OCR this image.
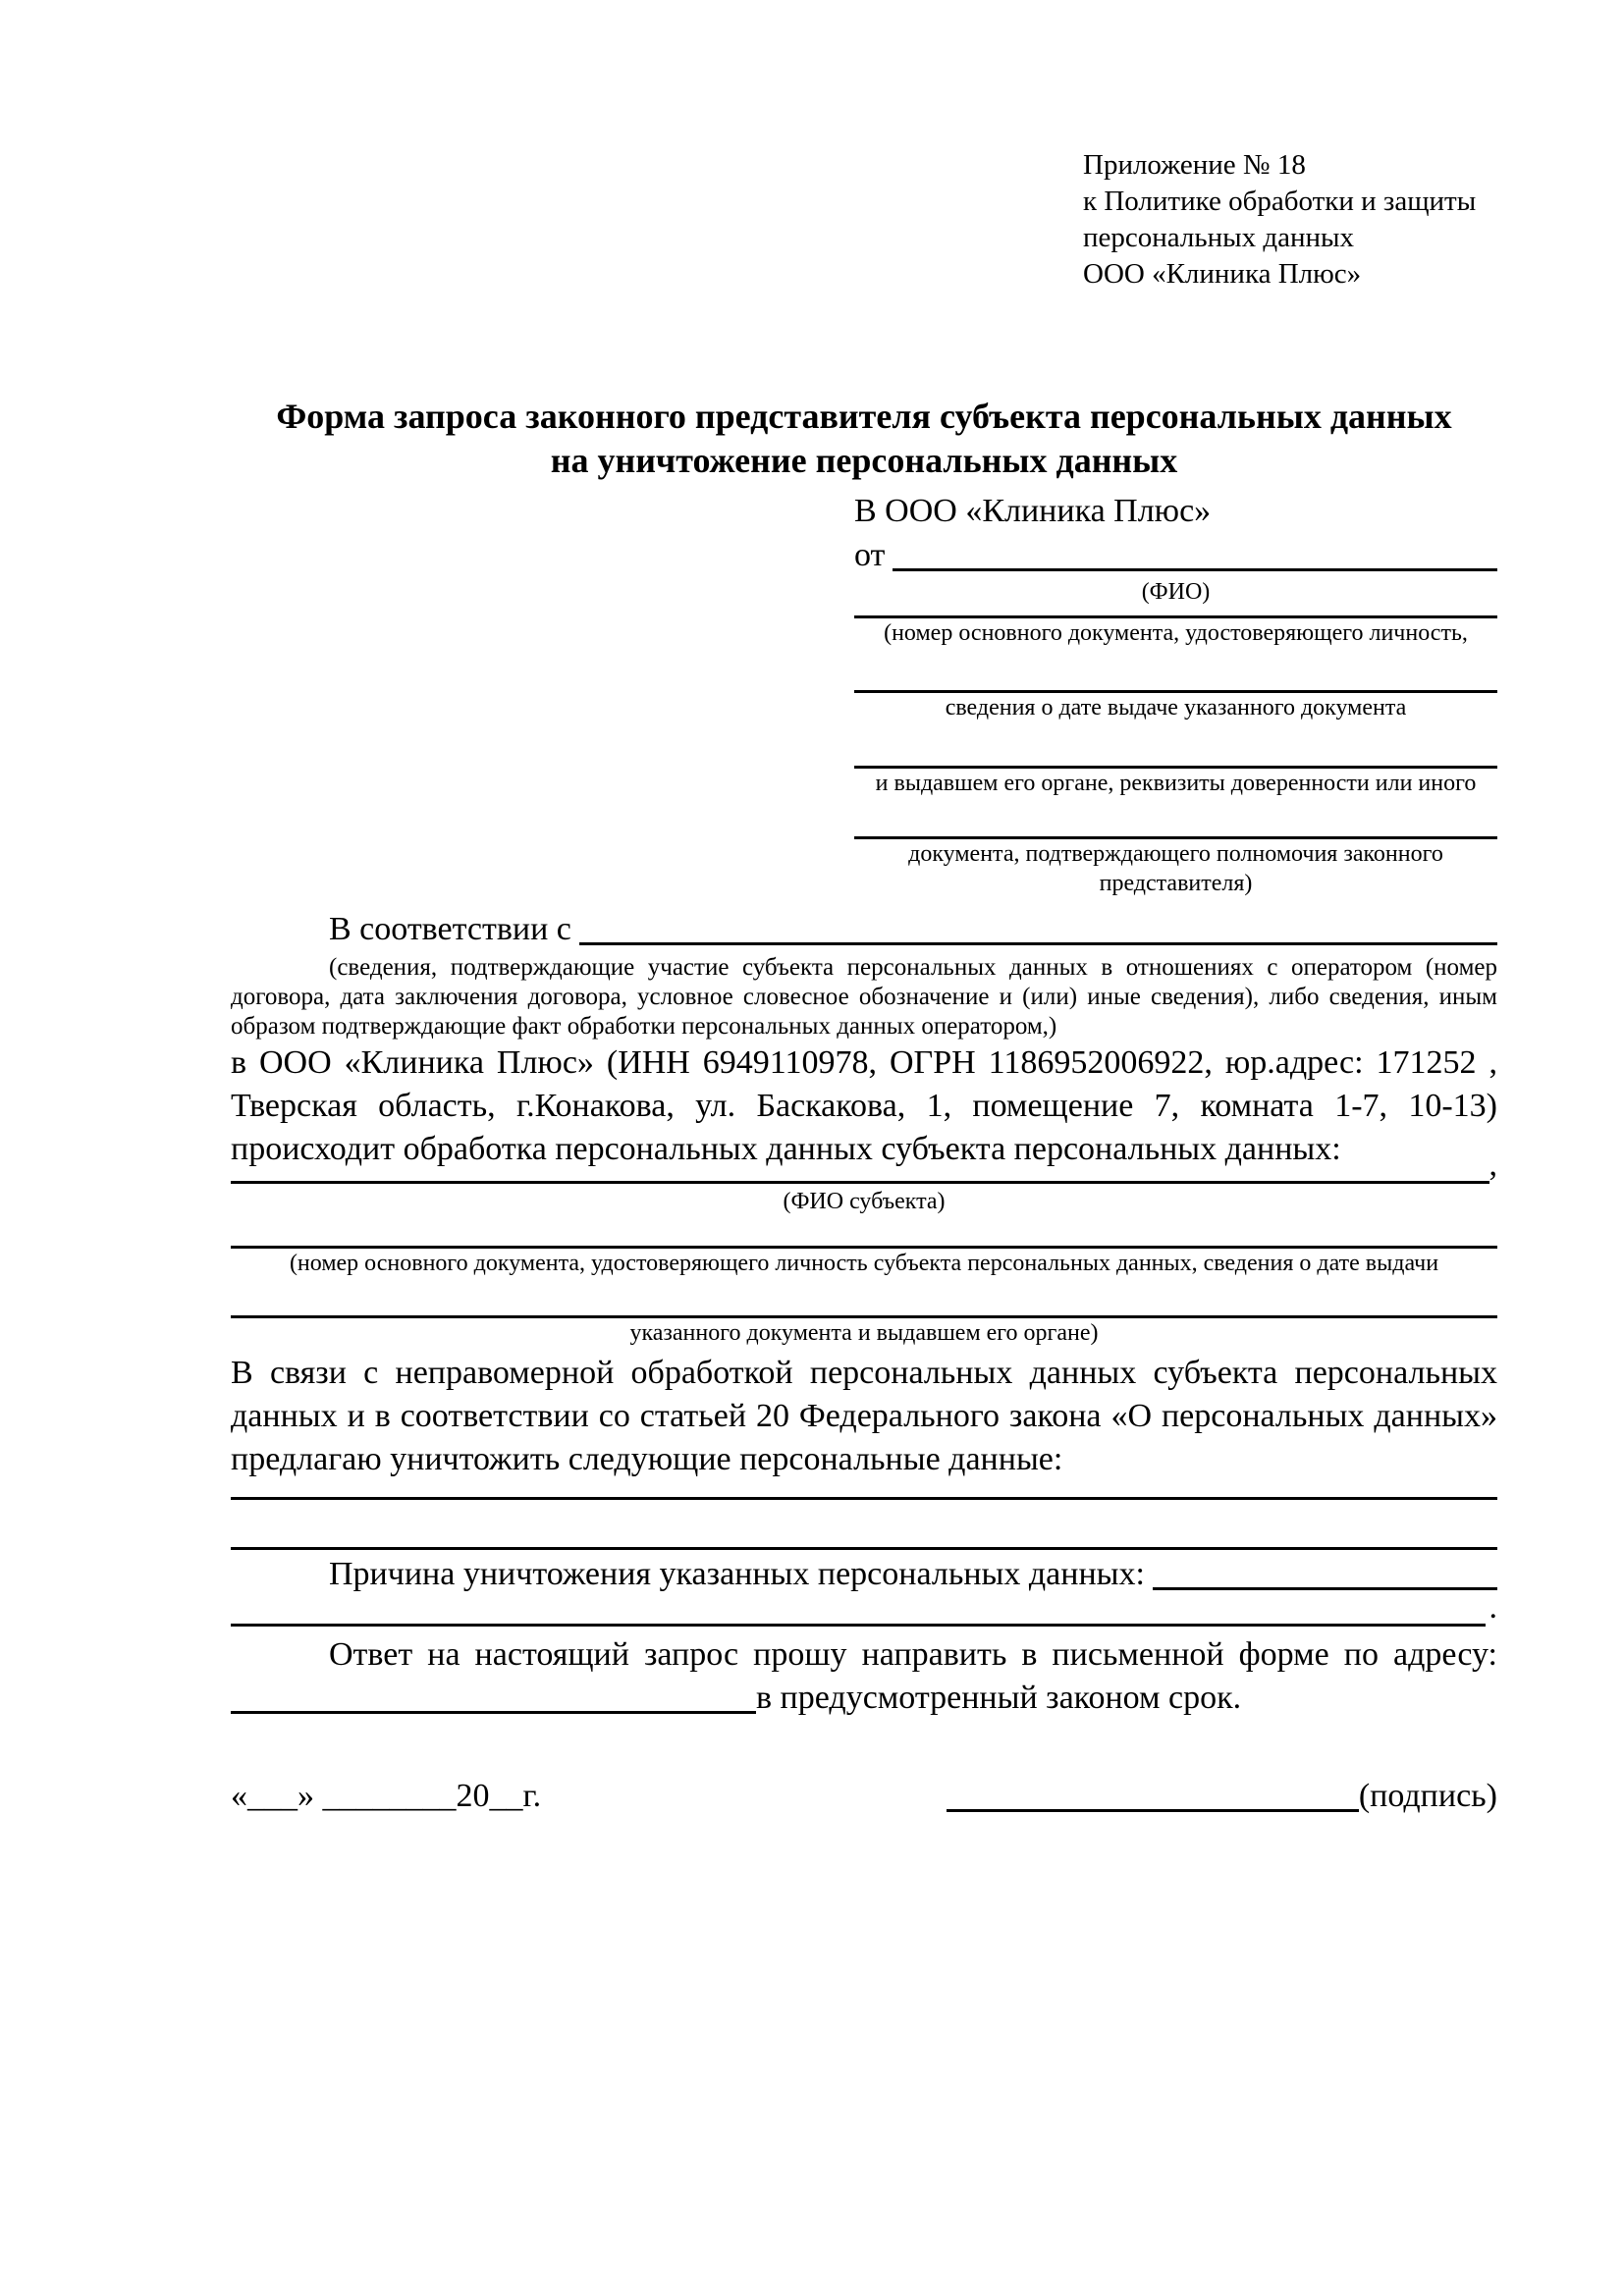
Приложение № 18
к Политике обработки и защиты
персональных данных
ООО «Клиника Плюс»
Форма запроса законного представителя субъекта персональных данных
на уничтожение персональных данных
В ООО «Клиника Плюс»
от
(ФИО)
(номер основного документа, удостоверяющего личность,
сведения о дате выдаче указанного документа
и выдавшем его органе, реквизиты доверенности или иного
документа, подтверждающего полномочия законного представителя)
В соответствии с
(сведения, подтверждающие участие субъекта персональных данных в отношениях с оператором (номер договора, дата заключения договора, условное словесное обозначение и (или) иные сведения), либо сведения, иным образом подтверждающие факт обработки персональных данных оператором,)
в ООО «Клиника Плюс» (ИНН 6949110978, ОГРН 1186952006922, юр.адрес: 171252 , Тверская область, г.Конакова, ул. Баскакова, 1, помещение 7, комната 1-7, 10-13) происходит обработка персональных данных субъекта персональных данных:	,
(ФИО субъекта)
(номер основного документа, удостоверяющего личность субъекта персональных данных, сведения о дате выдачи
указанного документа и выдавшем его органе)
В связи с неправомерной обработкой персональных данных субъекта персональных данных и в соответствии со статьей 20 Федерального закона «О персональных данных» предлагаю уничтожить следующие персональные данные:
Причина уничтожения указанных персональных данных:
.
Ответ на настоящий запрос прошу направить в письменной форме по адресу:
в предусмотренный законом срок.
«___» ________20__г.	(подпись)
